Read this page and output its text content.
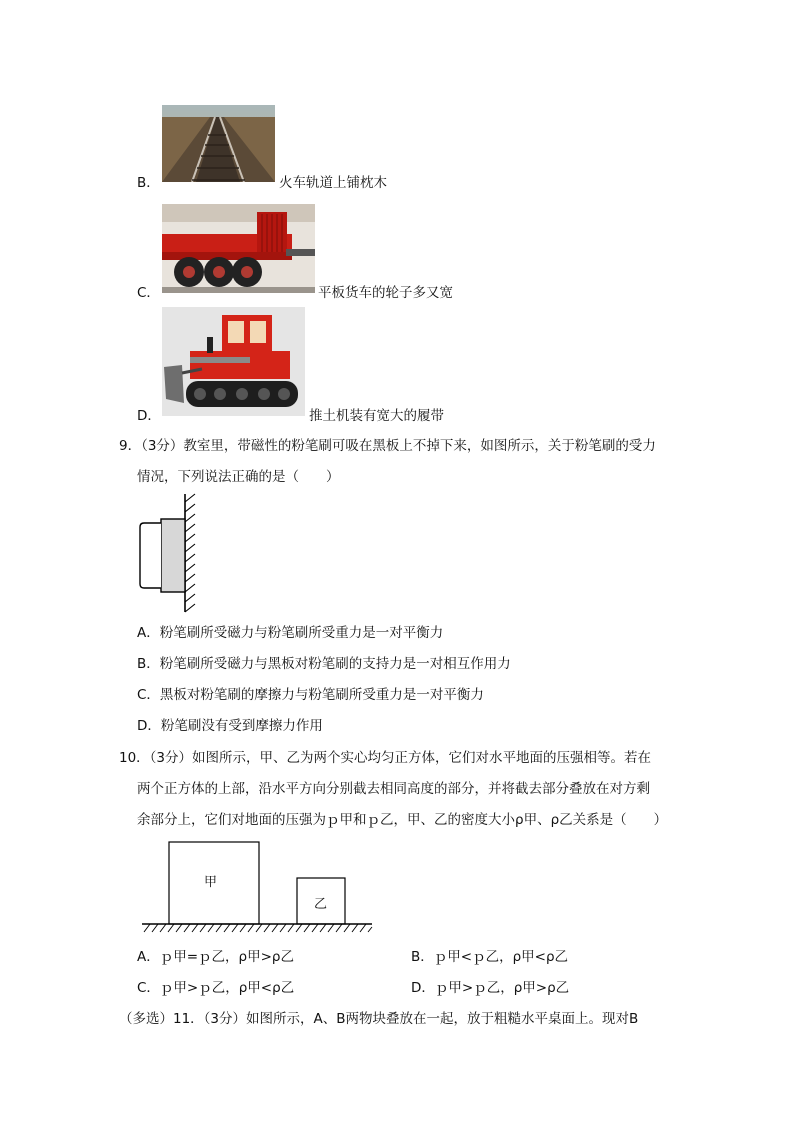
B．	火车轨道上铺枕木
C．	平板货车的轮子多又宽
D．	推土机装有宽大的履带
9．（3分）教室里，带磁性的粉笔刷可吸在黑板上不掉下来，如图所示，关于粉笔刷的受力
情况，下列说法正确的是（　　）
A．粉笔刷所受磁力与粉笔刷所受重力是一对平衡力
B．粉笔刷所受磁力与黑板对粉笔刷的支持力是一对相互作用力
C．黑板对粉笔刷的摩擦力与粉笔刷所受重力是一对平衡力
D．粉笔刷没有受到摩擦力作用
10．（3分）如图所示，甲、乙为两个实心均匀正方体，它们对水平地面的压强相等。若在
两个正方体的上部，沿水平方向分别截去相同高度的部分，并将截去部分叠放在对方剩
余部分上，它们对地面的压强为ｐ甲和ｐ乙，甲、乙的密度大小ρ甲、ρ乙关系是（　　）
甲
乙
A．ｐ甲=ｐ乙，ρ甲>ρ乙	B．ｐ甲<ｐ乙，ρ甲<ρ乙
C．ｐ甲>ｐ乙，ρ甲<ρ乙	D．ｐ甲>ｐ乙，ρ甲>ρ乙
（多选）11．（3分）如图所示，A、B两物块叠放在一起，放于粗糙水平桌面上。现对B
